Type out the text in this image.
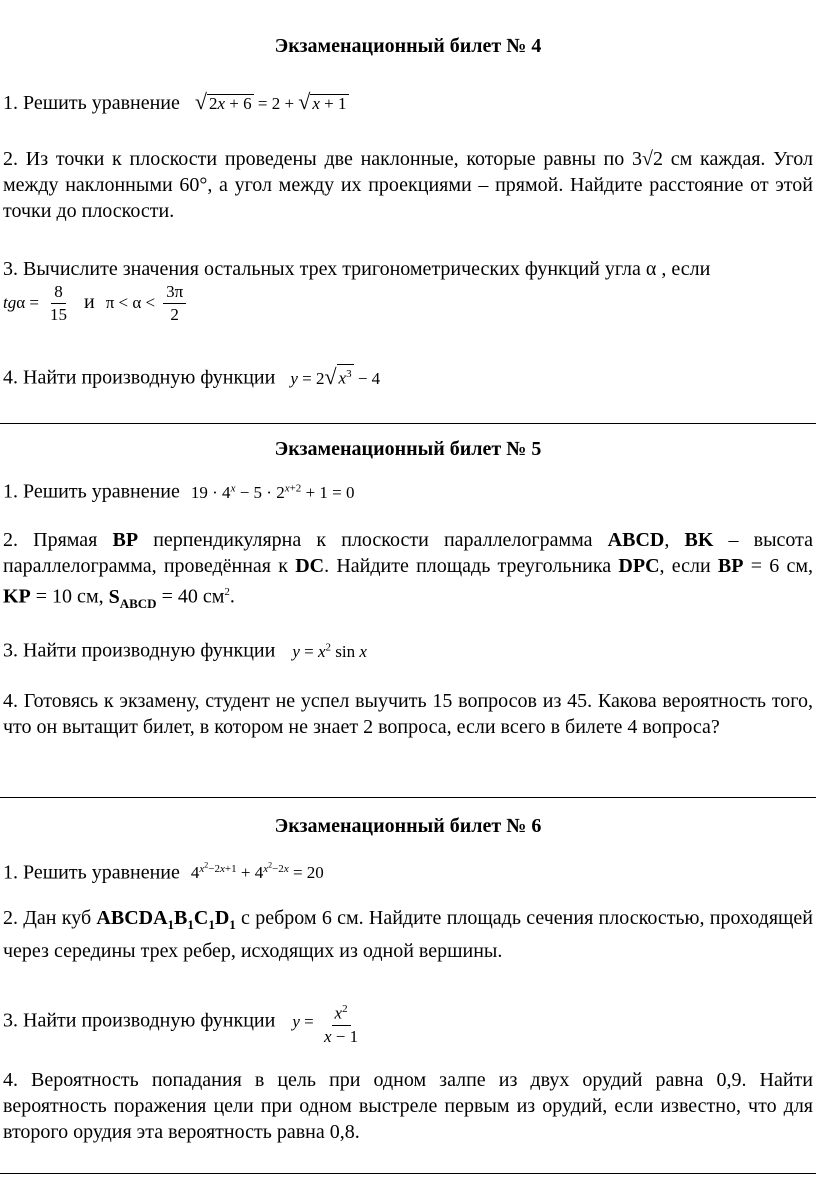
Экзаменационный билет № 4
1. Решить уравнение √ 2x + 6 = 2 + √ x + 1
2. Из точки к плоскости проведены две наклонные, которые равны по 3√2 см каждая. Угол между наклонными 60°, а угол между их проекциями – прямой. Найдите расстояние от этой точки до плоскости.
3. Вычислите значения остальных трех тригонометрических функций угла α , если
$tg\alpha = \frac{8}{15}$ и $\pi < \alpha < \frac{3\pi}{2}$
4. Найти производную функции y = 2√ $x^3 - 4$
Экзаменационный билет № 5
1. Решить уравнение $19 \cdot 4^x - 5 \cdot 2^{x+2} + 1 = 0$
2. Прямая BP перпендикулярна к плоскости параллелограмма ABCD, BK – высота параллелограмма, проведённая к DC. Найдите площадь треугольника DPC, если BP = 6 см, KP = 10 см, $S_{ABCD} = 40$ $см^2$.
3. Найти производную функции $y = x^2$ sin x
4. Готовясь к экзамену, студент не успел выучить 15 вопросов из 45. Какова вероятность того, что он вытащит билет, в котором не знает 2 вопроса, если всего в билете 4 вопроса?
Экзаменационный билет № 6
1. Решить уравнение $4^{x^2-2x+1} + 4^{x^2-2x} = 20$
2. Дан куб $ABCDA_1B_1C_1D_1$ с ребром 6 см. Найдите площадь сечения плоскостью, проходящей через середины трех ребер, исходящих из одной вершины.
3. Найти производную функции $y = \frac{x^2}{x - 1}$
4. Вероятность попадания в цель при одном залпе из двух орудий равна 0,9. Найти вероятность поражения цели при одном выстреле первым из орудий, если известно, что для второго орудия эта вероятность равна 0,8.
